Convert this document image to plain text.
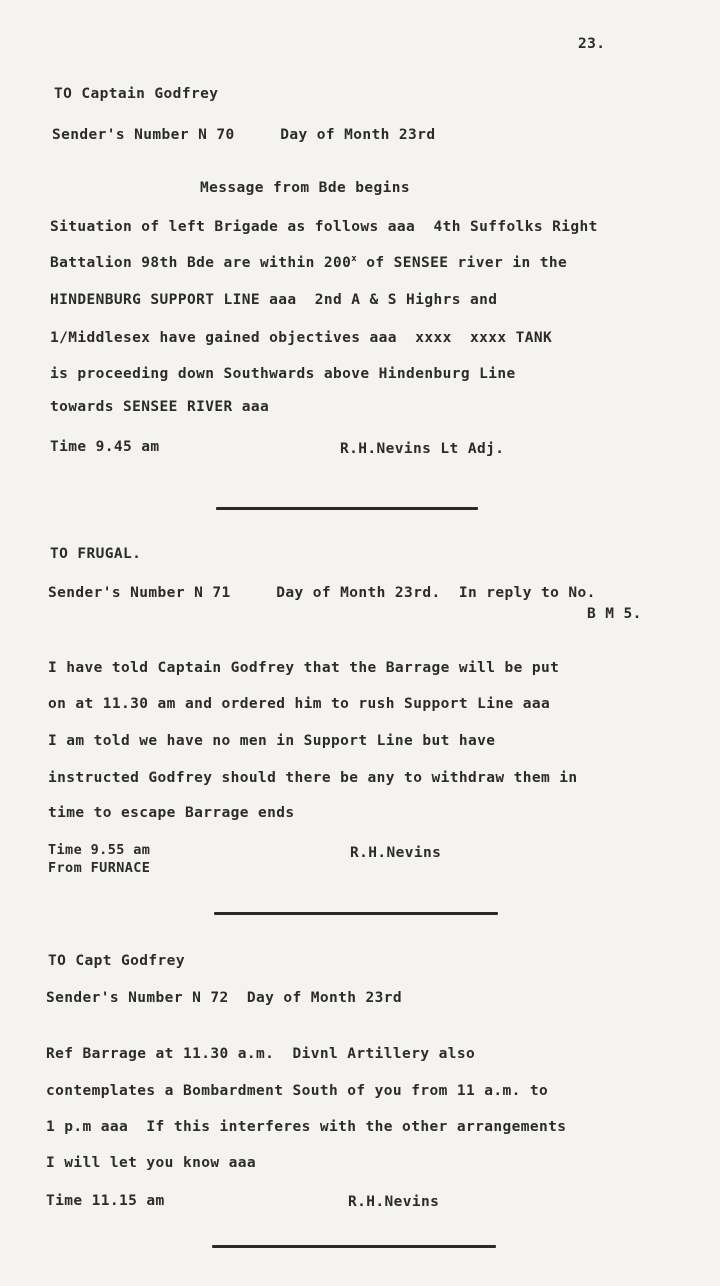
23.
TO Captain Godfrey
Sender's Number N 70     Day of Month 23rd
Message from Bde begins
Situation of left Brigade as follows aaa  4th Suffolks Right
Battalion 98th Bde are within 200$^x$ of SENSEE river in the
HINDENBURG SUPPORT LINE aaa  2nd A & S Highrs and
1/Middlesex have gained objectives aaa  xxxx  xxxx TANK
is proceeding down Southwards above Hindenburg Line
towards SENSEE RIVER aaa
Time 9.45 am	R.H.Nevins Lt Adj.
TO FRUGAL.
Sender's Number N 71     Day of Month 23rd.  In reply to No.
B M 5.
I have told Captain Godfrey that the Barrage will be put
on at 11.30 am and ordered him to rush Support Line aaa
I am told we have no men in Support Line but have
instructed Godfrey should there be any to withdraw them in
time to escape Barrage ends
Time 9.55 am
From FURNACE
R.H.Nevins
TO Capt Godfrey
Sender's Number N 72  Day of Month 23rd
Ref Barrage at 11.30 a.m.  Divnl Artillery also
contemplates a Bombardment South of you from 11 a.m. to
1 p.m aaa  If this interferes with the other arrangements
I will let you know aaa
Time 11.15 am	R.H.Nevins
